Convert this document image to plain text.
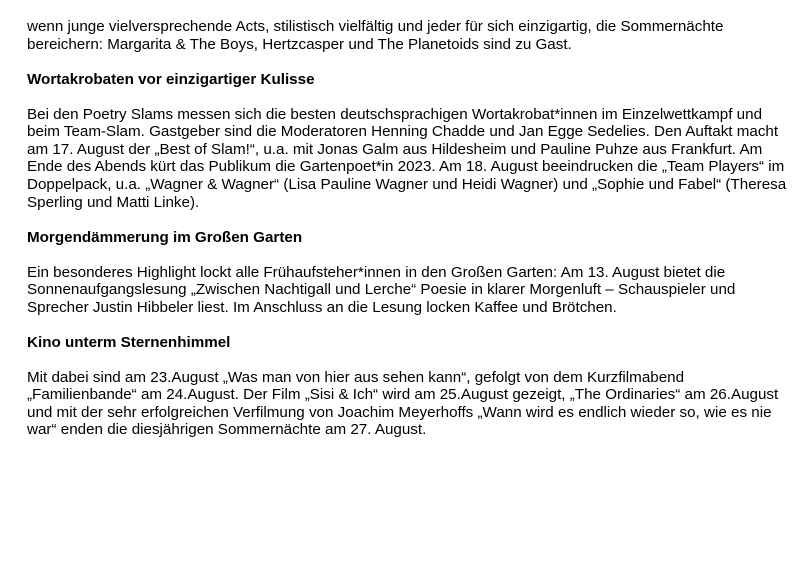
wenn junge vielversprechende Acts, stilistisch vielfältig und jeder für sich einzigartig, die Sommernächte bereichern: Margarita & The Boys, Hertzcasper und The Planetoids sind zu Gast.

Wortakrobaten vor einzigartiger Kulisse

Bei den Poetry Slams messen sich die besten deutschsprachigen Wortakrobat*innen im Einzelwettkampf und beim Team-Slam. Gastgeber sind die Moderatoren Henning Chadde und Jan Egge Sedelies. Den Auftakt macht am 17. August der „Best of Slam!“, u.a. mit Jonas Galm aus Hildesheim und Pauline Puhze aus Frankfurt. Am Ende des Abends kürt das Publikum die Gartenpoet*in 2023. Am 18. August beeindrucken die „Team Players“ im Doppelpack, u.a. „Wagner & Wagner“ (Lisa Pauline Wagner und Heidi Wagner) und „Sophie und Fabel“ (Theresa Sperling und Matti Linke).

Morgendämmerung im Großen Garten

Ein besonderes Highlight lockt alle Frühaufsteher*innen in den Großen Garten: Am 13. August bietet die Sonnenaufgangslesung „Zwischen Nachtigall und Lerche“ Poesie in klarer Morgenluft – Schauspieler und Sprecher Justin Hibbeler liest. Im Anschluss an die Lesung locken Kaffee und Brötchen.

Kino unterm Sternenhimmel

Mit dabei sind am 23.August „Was man von hier aus sehen kann“, gefolgt von dem Kurzfilmabend „Familienbande“ am 24.August. Der Film „Sisi & Ich“ wird am 25.August gezeigt, „The Ordinaries“ am 26.August und mit der sehr erfolgreichen Verfilmung von Joachim Meyerhoffs „Wann wird es endlich wieder so, wie es nie war“ enden die diesjährigen Sommernächte am 27. August.
